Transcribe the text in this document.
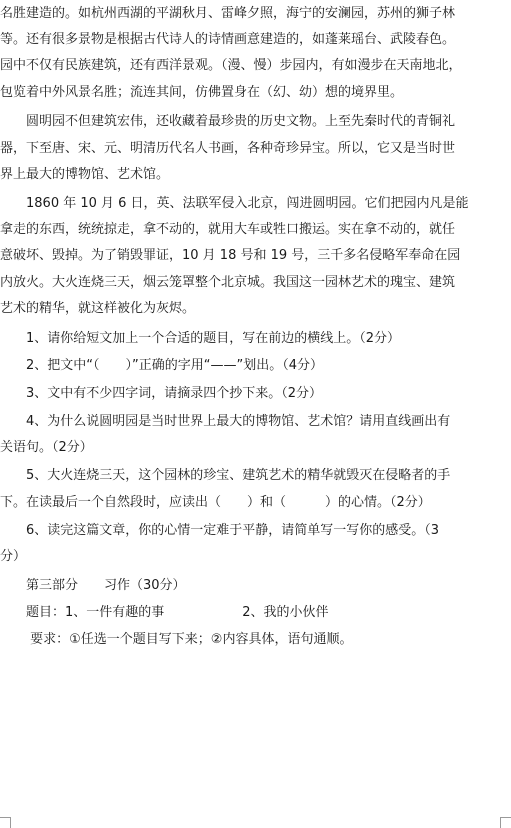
名胜建造的。如杭州西湖的平湖秋月、雷峰夕照，海宁的安澜园，苏州的狮子林
等。还有很多景物是根据古代诗人的诗情画意建造的，如蓬莱瑶台、武陵春色。
园中不仅有民族建筑，还有西洋景观。（漫、慢）步园内，有如漫步在天南地北，
包览着中外风景名胜；流连其间，仿佛置身在（幻、幼）想的境界里。
　　圆明园不但建筑宏伟，还收藏着最珍贵的历史文物。上至先秦时代的青铜礼
器，下至唐、宋、元、明清历代名人书画，各种奇珍异宝。所以，它又是当时世
界上最大的博物馆、艺术馆。
　　1860 年 10 月 6 日，英、法联军侵入北京，闯进圆明园。它们把园内凡是能
拿走的东西，统统掠走，拿不动的，就用大车或牲口搬运。实在拿不动的，就任
意破坏、毁掉。为了销毁罪证，10 月 18 号和 19 号，三千多名侵略军奉命在园
内放火。大火连烧三天，烟云笼罩整个北京城。我国这一园林艺术的瑰宝、建筑
艺术的精华，就这样被化为灰烬。
　　1、请你给短文加上一个合适的题目，写在前边的横线上。（2分）
　　2、把文中“（　　）”正确的字用“——”划出。（4分）
　　3、文中有不少四字词，请摘录四个抄下来。（2分）
　　4、为什么说圆明园是当时世界上最大的博物馆、艺术馆？请用直线画出有
关语句。（2分）
　　5、大火连烧三天，这个园林的珍宝、建筑艺术的精华就毁灭在侵略者的手
下。在读最后一个自然段时，应读出（　　）和（　　　）的心情。（2分）
　　6、读完这篇文章，你的心情一定难于平静，请简单写一写你的感受。（3
分）
　　第三部分　　习作（30分）
　　题目：1、一件有趣的事　　　　　　2、我的小伙伴
　　 要求：①任选一个题目写下来；②内容具体，语句通顺。
